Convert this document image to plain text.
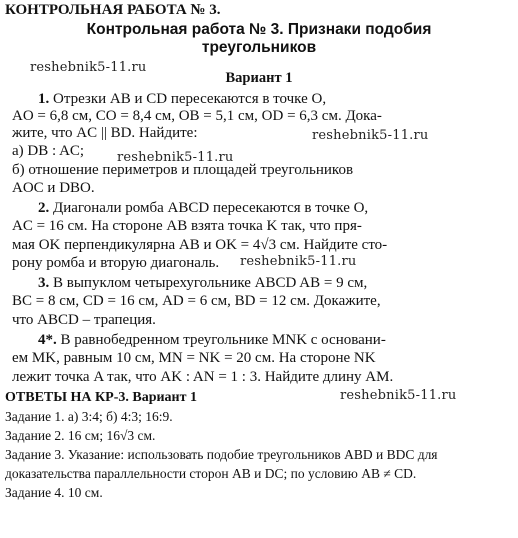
КОНТРОЛЬНАЯ РАБОТА № 3.
Контрольная работа № 3. Признаки подобия
треугольников
reshebnik5-11.ru
Вариант 1
1. Отрезки AB и CD пересекаются в точке O,
AO = 6,8 см, CO = 8,4 см, OB = 5,1 см, OD = 6,3 см. Дока-
жите, что AC || BD. Найдите:	reshebnik5-11.ru
а) DB : AC;	reshebnik5-11.ru
б) отношение периметров и площадей треугольников
AOC и DBO.
2. Диагонали ромба ABCD пересекаются в точке O,
AC = 16 см. На стороне AB взята точка K так, что пря-
мая OK перпендикулярна AB и OK = 4√3 см. Найдите сто-
рону ромба и вторую диагональ. reshebnik5-11.ru
3. В выпуклом четырехугольнике ABCD AB = 9 см,
BC = 8 см, CD = 16 см, AD = 6 см, BD = 12 см. Докажите,
что ABCD – трапеция.
4*. В равнобедренном треугольнике MNK с основани-
ем MK, равным 10 см, MN = NK = 20 см. На стороне NK
лежит точка A так, что AK : AN = 1 : 3. Найдите длину AM.
ОТВЕТЫ НА КР-3. Вариант 1	reshebnik5-11.ru
Задание 1. а) 3:4; б) 4:3; 16:9.
Задание 2. 16 см; 16√3 см.
Задание 3. Указание: использовать подобие треугольников ABD и BDC для
доказательства параллельности сторон AB и DC; по условию AB ≠ CD.
Задание 4. 10 см.
